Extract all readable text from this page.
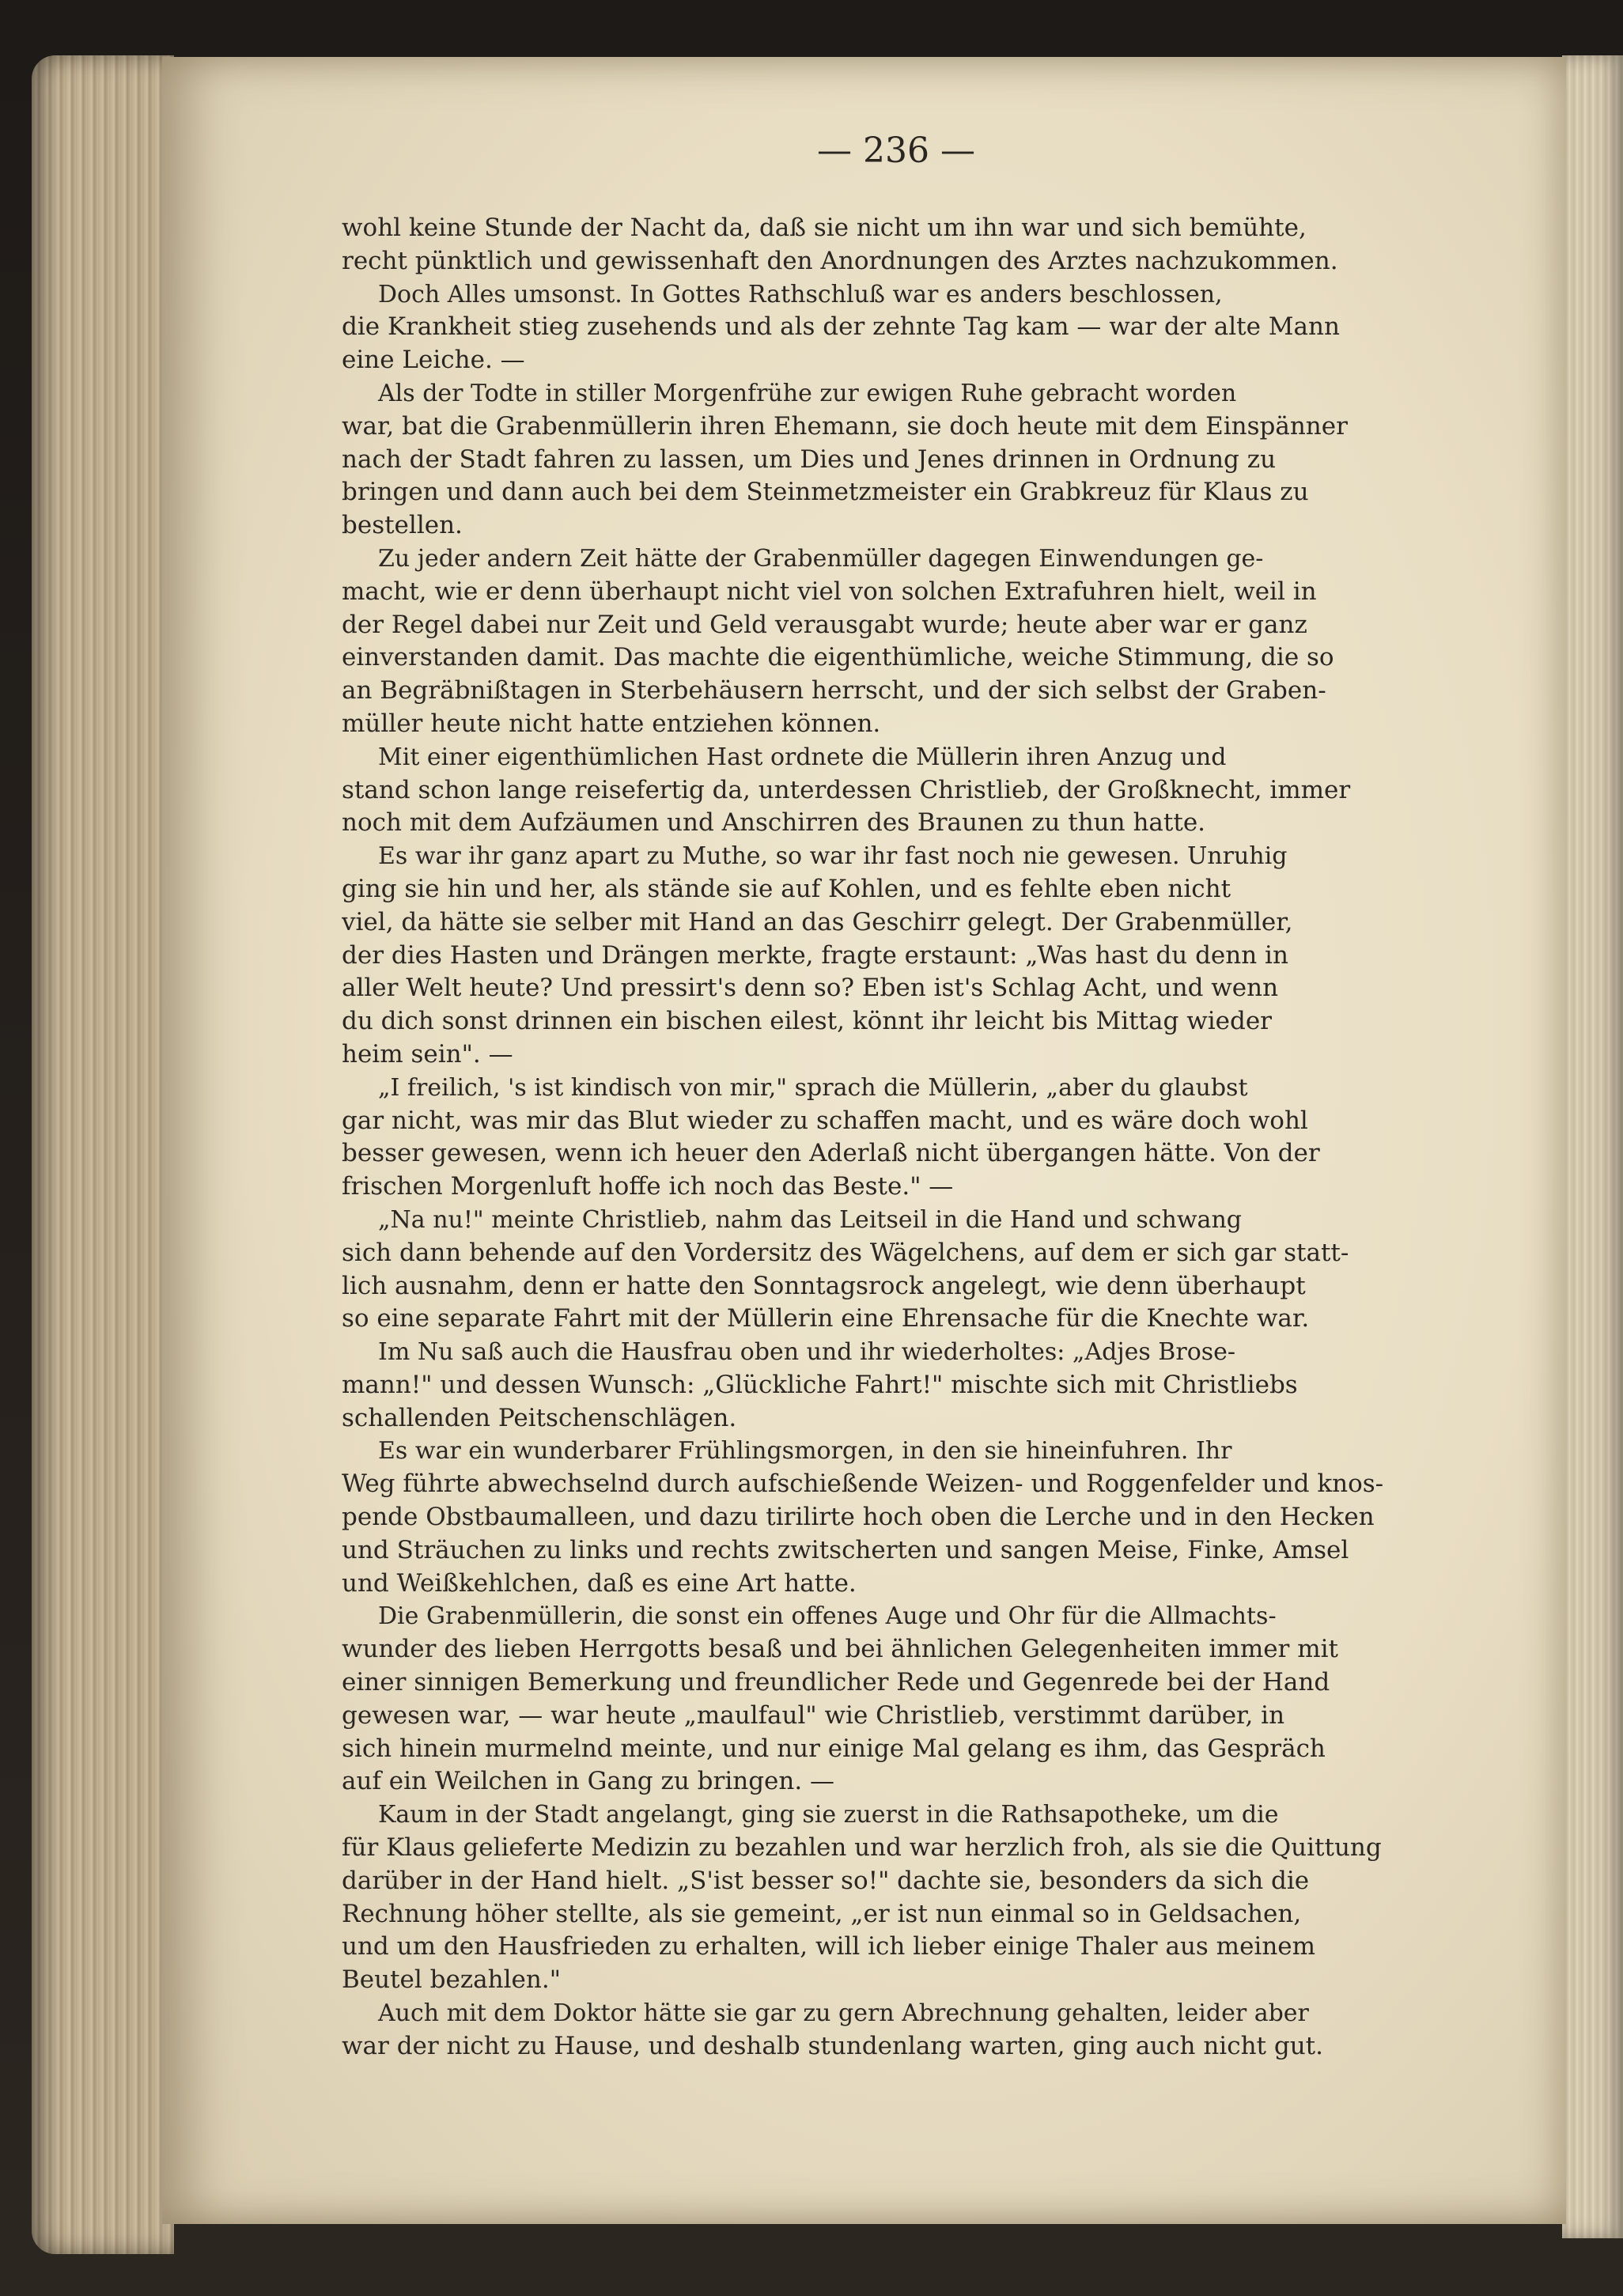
— 236 —
wohl keine Stunde der Nacht da, daß sie nicht um ihn war und sich bemühte,
recht pünktlich und gewissenhaft den Anordnungen des Arztes nachzukommen.
Doch Alles umsonst. In Gottes Rathschluß war es anders beschlossen,
die Krankheit stieg zusehends und als der zehnte Tag kam — war der alte Mann
eine Leiche. —
Als der Todte in stiller Morgenfrühe zur ewigen Ruhe gebracht worden
war, bat die Grabenmüllerin ihren Ehemann, sie doch heute mit dem Einspänner
nach der Stadt fahren zu lassen, um Dies und Jenes drinnen in Ordnung zu
bringen und dann auch bei dem Steinmetzmeister ein Grabkreuz für Klaus zu
bestellen.
Zu jeder andern Zeit hätte der Grabenmüller dagegen Einwendungen ge-
macht, wie er denn überhaupt nicht viel von solchen Extrafuhren hielt, weil in
der Regel dabei nur Zeit und Geld verausgabt wurde; heute aber war er ganz
einverstanden damit. Das machte die eigenthümliche, weiche Stimmung, die so
an Begräbnißtagen in Sterbehäusern herrscht, und der sich selbst der Graben-
müller heute nicht hatte entziehen können.
Mit einer eigenthümlichen Hast ordnete die Müllerin ihren Anzug und
stand schon lange reisefertig da, unterdessen Christlieb, der Großknecht, immer
noch mit dem Aufzäumen und Anschirren des Braunen zu thun hatte.
Es war ihr ganz apart zu Muthe, so war ihr fast noch nie gewesen. Unruhig
ging sie hin und her, als stände sie auf Kohlen, und es fehlte eben nicht
viel, da hätte sie selber mit Hand an das Geschirr gelegt. Der Grabenmüller,
der dies Hasten und Drängen merkte, fragte erstaunt: „Was hast du denn in
aller Welt heute? Und pressirt's denn so? Eben ist's Schlag Acht, und wenn
du dich sonst drinnen ein bischen eilest, könnt ihr leicht bis Mittag wieder
heim sein". —
„I freilich, 's ist kindisch von mir," sprach die Müllerin, „aber du glaubst
gar nicht, was mir das Blut wieder zu schaffen macht, und es wäre doch wohl
besser gewesen, wenn ich heuer den Aderlaß nicht übergangen hätte. Von der
frischen Morgenluft hoffe ich noch das Beste." —
„Na nu!" meinte Christlieb, nahm das Leitseil in die Hand und schwang
sich dann behende auf den Vordersitz des Wägelchens, auf dem er sich gar statt-
lich ausnahm, denn er hatte den Sonntagsrock angelegt, wie denn überhaupt
so eine separate Fahrt mit der Müllerin eine Ehrensache für die Knechte war.
Im Nu saß auch die Hausfrau oben und ihr wiederholtes: „Adjes Brose-
mann!" und dessen Wunsch: „Glückliche Fahrt!" mischte sich mit Christliebs
schallenden Peitschenschlägen.
Es war ein wunderbarer Frühlingsmorgen, in den sie hineinfuhren. Ihr
Weg führte abwechselnd durch aufschießende Weizen- und Roggenfelder und knos-
pende Obstbaumalleen, und dazu tirilirte hoch oben die Lerche und in den Hecken
und Sträuchen zu links und rechts zwitscherten und sangen Meise, Finke, Amsel
und Weißkehlchen, daß es eine Art hatte.
Die Grabenmüllerin, die sonst ein offenes Auge und Ohr für die Allmachts-
wunder des lieben Herrgotts besaß und bei ähnlichen Gelegenheiten immer mit
einer sinnigen Bemerkung und freundlicher Rede und Gegenrede bei der Hand
gewesen war, — war heute „maulfaul" wie Christlieb, verstimmt darüber, in
sich hinein murmelnd meinte, und nur einige Mal gelang es ihm, das Gespräch
auf ein Weilchen in Gang zu bringen. —
Kaum in der Stadt angelangt, ging sie zuerst in die Rathsapotheke, um die
für Klaus gelieferte Medizin zu bezahlen und war herzlich froh, als sie die Quittung
darüber in der Hand hielt. „S'ist besser so!" dachte sie, besonders da sich die
Rechnung höher stellte, als sie gemeint, „er ist nun einmal so in Geldsachen,
und um den Hausfrieden zu erhalten, will ich lieber einige Thaler aus meinem
Beutel bezahlen."
Auch mit dem Doktor hätte sie gar zu gern Abrechnung gehalten, leider aber
war der nicht zu Hause, und deshalb stundenlang warten, ging auch nicht gut.
